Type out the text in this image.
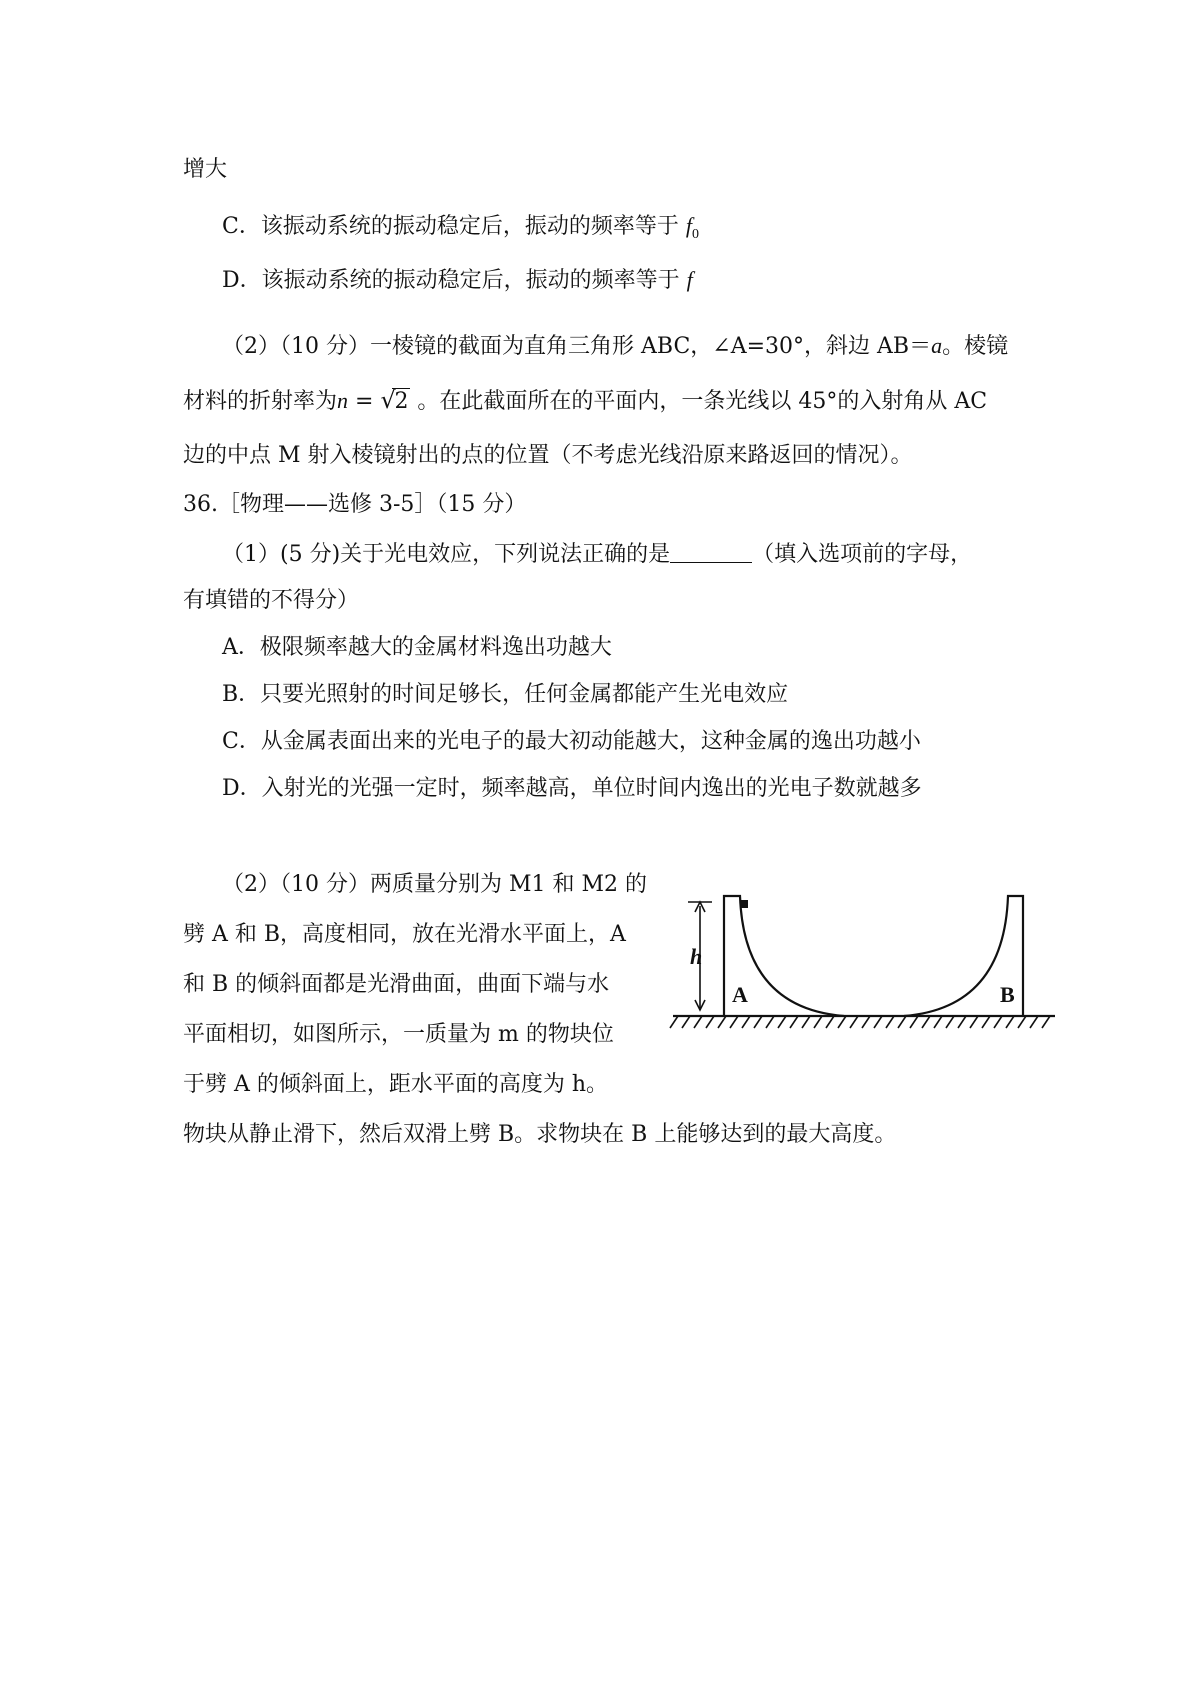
增大
C．该振动系统的振动稳定后，振动的频率等于 $f_0$
D．该振动系统的振动稳定后，振动的频率等于 f
（2）（10 分）一棱镜的截面为直角三角形 ABC，∠A=30°，斜边 AB＝a。棱镜
材料的折射率为n = √ 2 。在此截面所在的平面内，一条光线以 45°的入射角从 AC
边的中点 M 射入棱镜射出的点的位置（不考虑光线沿原来路返回的情况）。
36.［物理——选修 3-5］（15 分）
（1）(5 分)关于光电效应，下列说法正确的是	（填入选项前的字母，
有填错的不得分）
A．极限频率越大的金属材料逸出功越大
B．只要光照射的时间足够长，任何金属都能产生光电效应
C．从金属表面出来的光电子的最大初动能越大，这种金属的逸出功越小
D．入射光的光强一定时，频率越高，单位时间内逸出的光电子数就越多
（2）（10 分）两质量分别为 M1 和 M2 的
劈 A 和 B，高度相同，放在光滑水平面上，A
和 B 的倾斜面都是光滑曲面，曲面下端与水
平面相切，如图所示，一质量为 m 的物块位
于劈 A 的倾斜面上，距水平面的高度为 h。
物块从静止滑下，然后双滑上劈 B。求物块在 B 上能够达到的最大高度。
h
A	B
